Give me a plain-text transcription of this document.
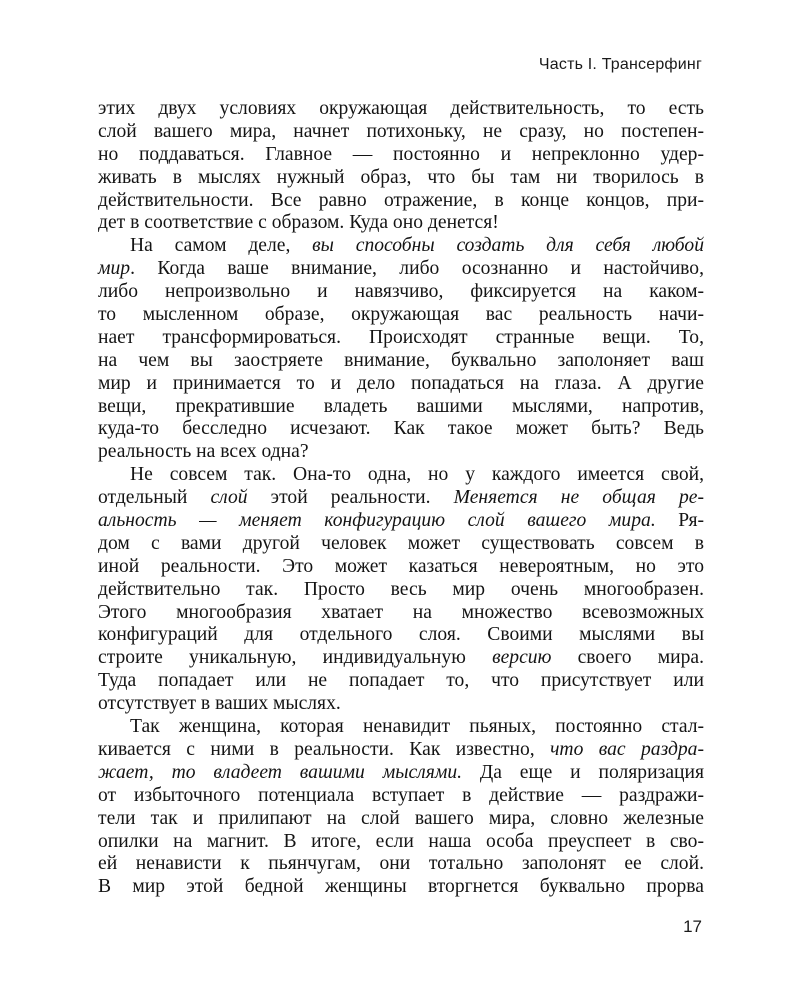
Часть I. Трансерфинг
этих двух условиях окружающая действительность, то есть
слой вашего мира, начнет потихоньку, не сразу, но постепен-
но поддаваться. Главное — постоянно и непреклонно удер-
живать в мыслях нужный образ, что бы там ни творилось в
действительности. Все равно отражение, в конце концов, при-
дет в соответствие с образом. Куда оно денется!
На самом деле, вы способны создать для себя любой
мир. Когда ваше внимание, либо осознанно и настойчиво,
либо непроизвольно и навязчиво, фиксируется на каком-
то мысленном образе, окружающая вас реальность начи-
нает трансформироваться. Происходят странные вещи. То,
на чем вы заостряете внимание, буквально заполоняет ваш
мир и принимается то и дело попадаться на глаза. А другие
вещи, прекратившие владеть вашими мыслями, напротив,
куда-то бесследно исчезают. Как такое может быть? Ведь
реальность на всех одна?
Не совсем так. Она-то одна, но у каждого имеется свой,
отдельный слой этой реальности. Меняется не общая ре-
альность — меняет конфигурацию слой вашего мира. Ря-
дом с вами другой человек может существовать совсем в
иной реальности. Это может казаться невероятным, но это
действительно так. Просто весь мир очень многообразен.
Этого многообразия хватает на множество всевозможных
конфигураций для отдельного слоя. Своими мыслями вы
строите уникальную, индивидуальную версию своего мира.
Туда попадает или не попадает то, что присутствует или
отсутствует в ваших мыслях.
Так женщина, которая ненавидит пьяных, постоянно стал-
кивается с ними в реальности. Как известно, что вас раздра-
жает, то владеет вашими мыслями. Да еще и поляризация
от избыточного потенциала вступает в действие — раздражи-
тели так и прилипают на слой вашего мира, словно железные
опилки на магнит. В итоге, если наша особа преуспеет в сво-
ей ненависти к пьянчугам, они тотально заполонят ее слой.
В мир этой бедной женщины вторгнется буквально прорва
17
